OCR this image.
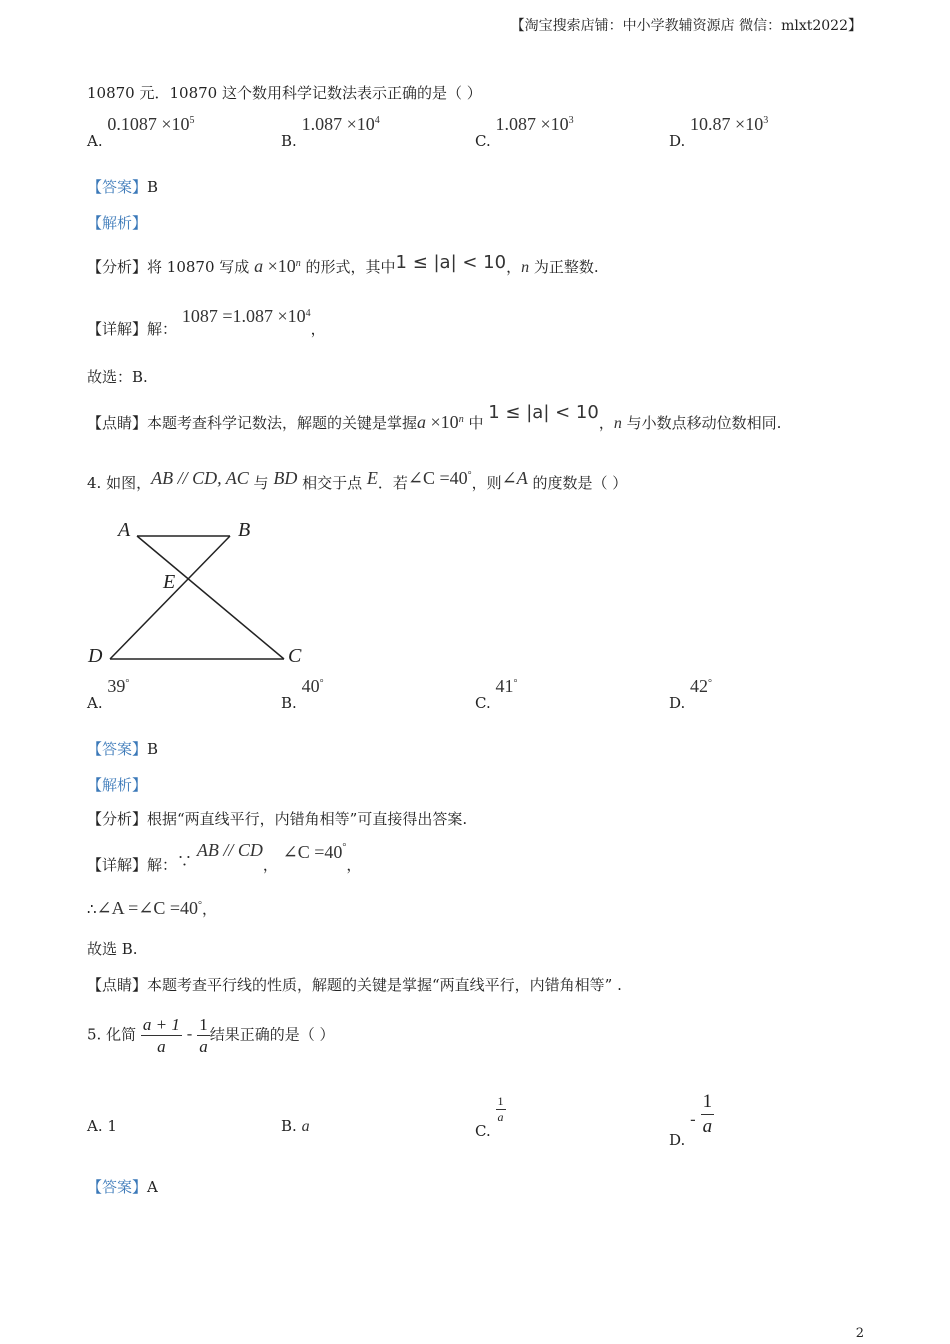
【淘宝搜索店铺：中小学教辅资源店 微信：mlxt2022】
10870 元．10870 这个数用科学记数法表示正确的是（ ）
A. $0.1087 \times 10^5$
B. $1.087 \times 10^4$
C. $1.087 \times 10^3$
D. $10.87 \times 10^3$
【答案】B
【解析】
【分析】将 10870 写成 $a \times 10^n$ 的形式，其中1 ≤ |a| < 10，n 为正整数.
【详解】解： $1087 =1.087 \times 10^4$，
故选：B.
【点睛】本题考查科学记数法，解题的关键是掌握$a \times 10^n$ 中 1 ≤ |a| < 10，n 与小数点移动位数相同.
4. 如图，AB // CD, AC 与 BD 相交于点 E．若∠C =40°，则∠A 的度数是（ ）
A	B
E
D	C
A. 39°
B. 40°
C. 41°
D. 42°
【答案】B
【解析】
【分析】根据“两直线平行，内错角相等”可直接得出答案.
【详解】解：∵ AB // CD， ∠C =40°，
∴∠A =∠C =40°，
故选 B.
【点睛】本题考查平行线的性质，解题的关键是掌握“两直线平行，内错角相等” .
5. 化简 $\frac{a + 1}{a} - \frac{1}{a}$ 结果正确的是（ ）
A. 1	B. a	C.
$\frac{1}{a}$
D. - $\frac{1}{a}$
【答案】A
2
